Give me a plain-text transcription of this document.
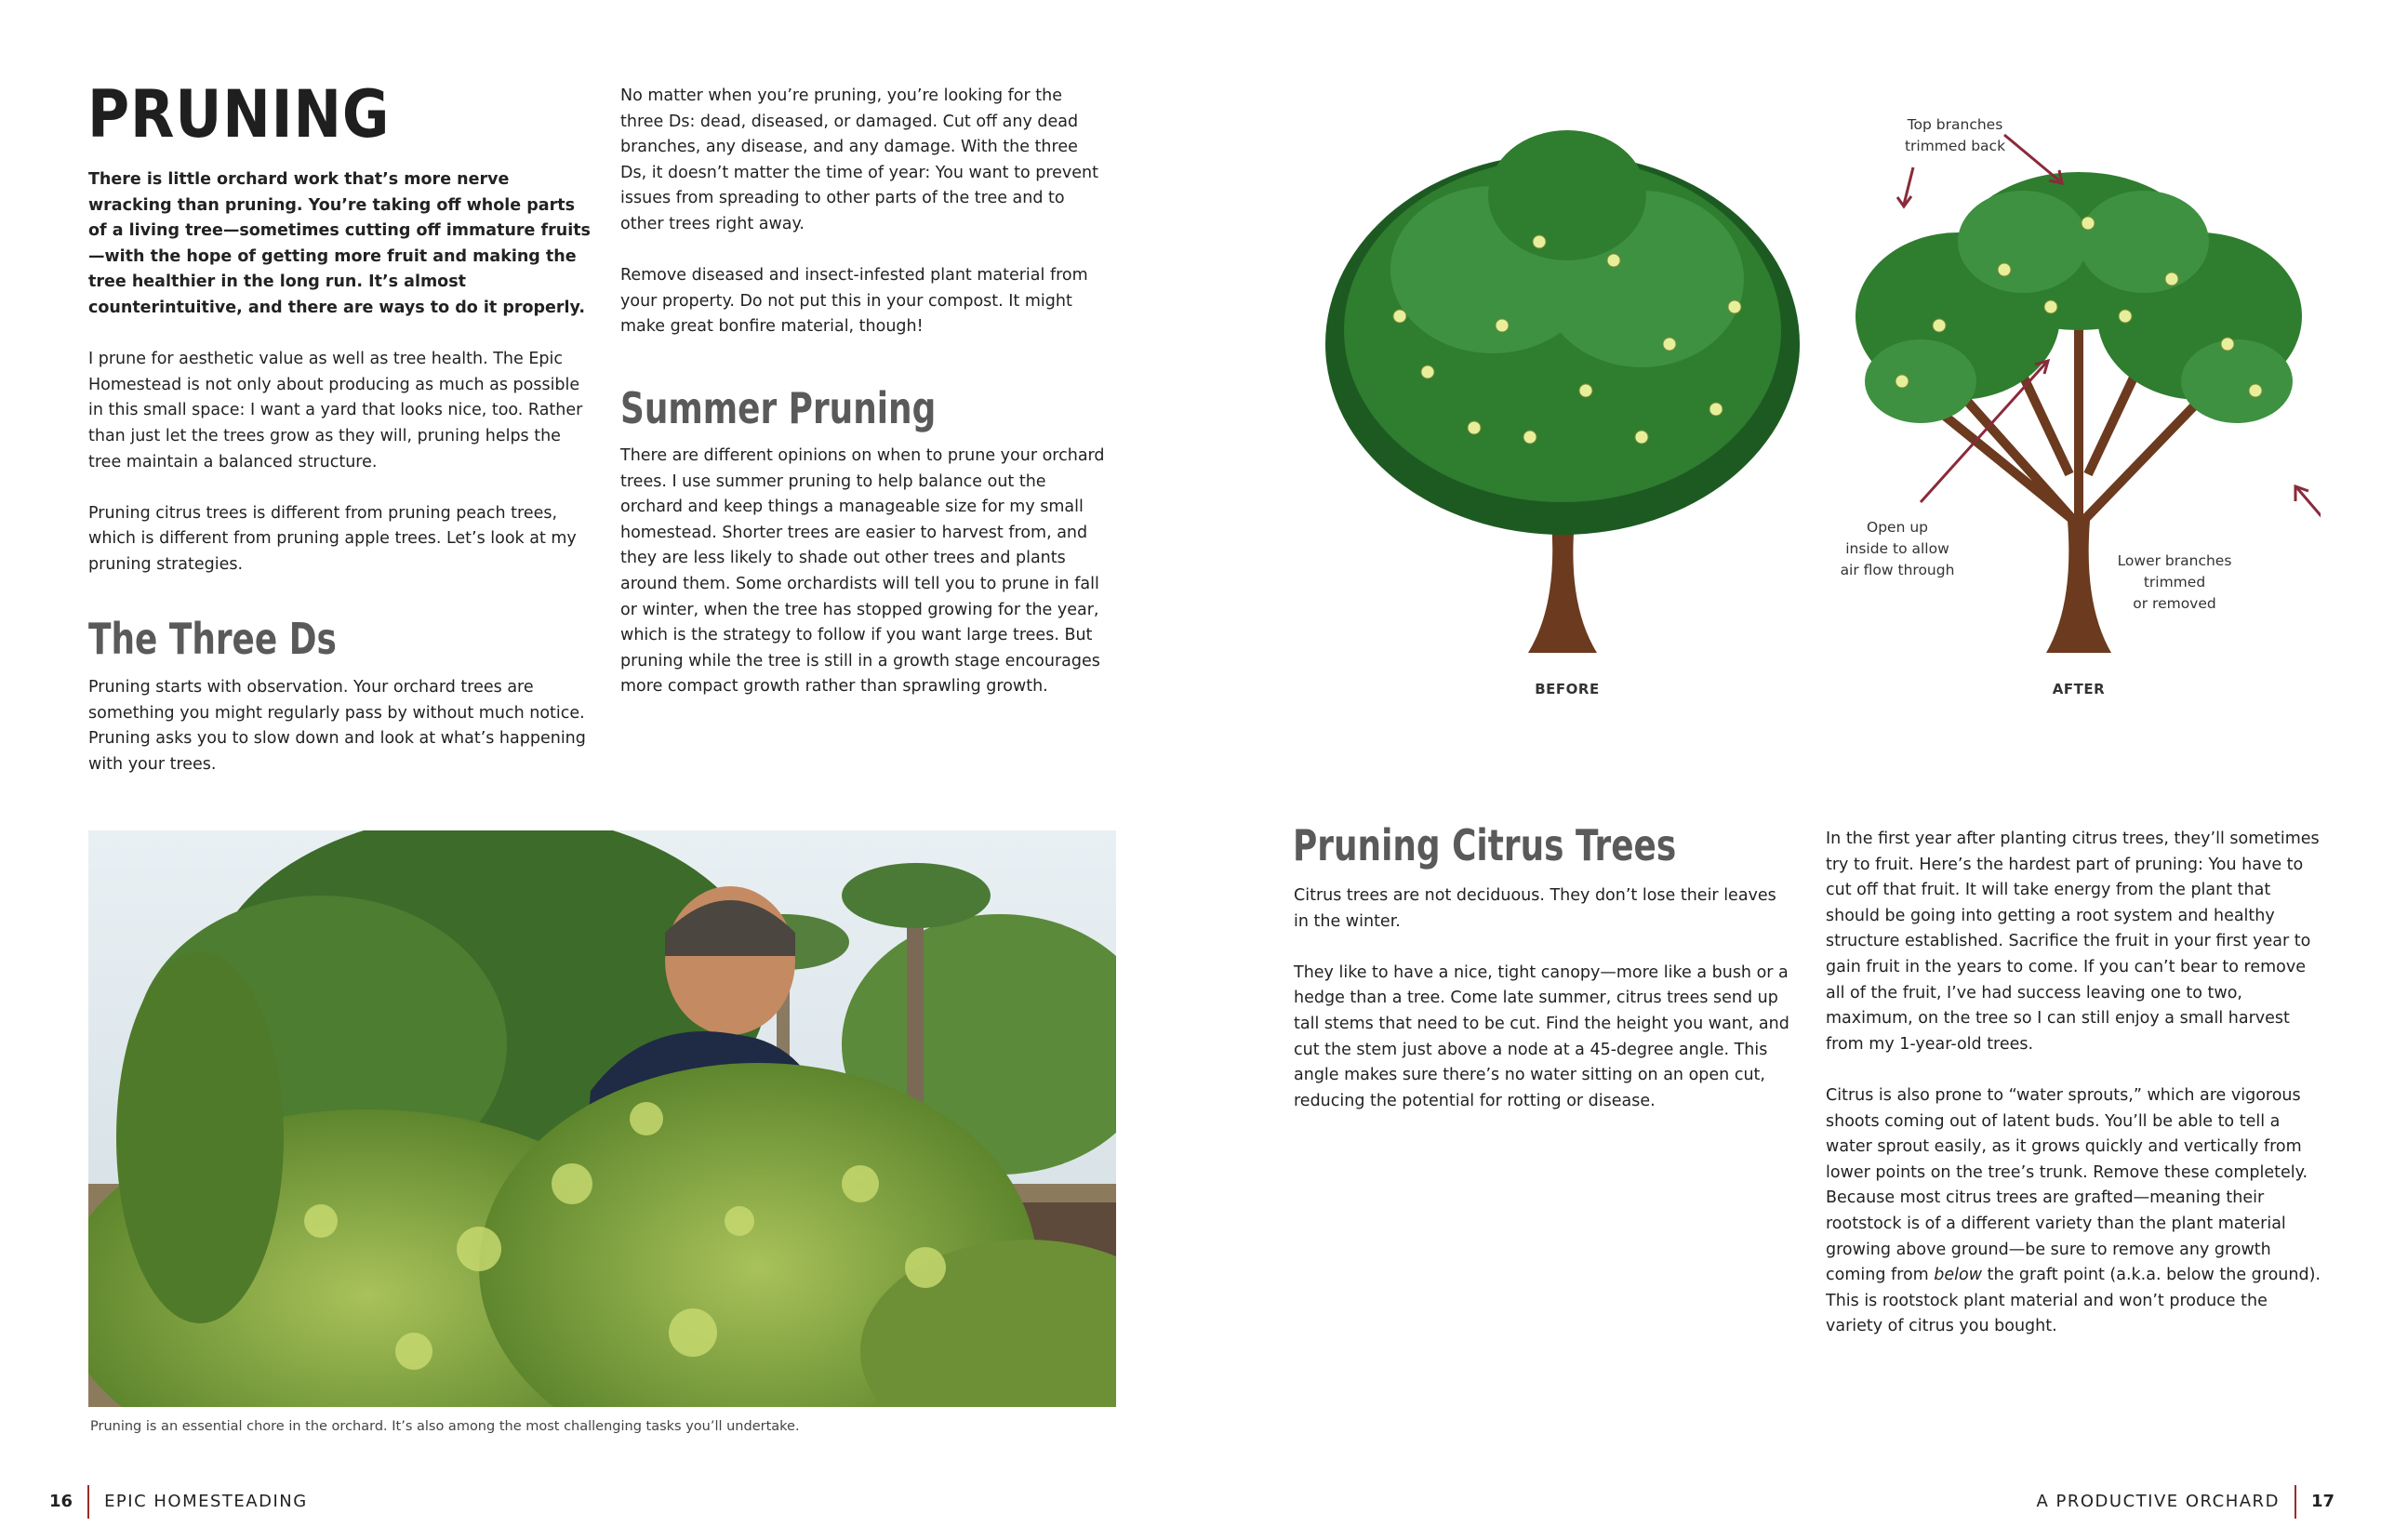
PRUNING

There is little orchard work that’s more nerve wracking than pruning. You’re taking off whole parts of a living tree—sometimes cutting off immature fruits—with the hope of getting more fruit and making the tree healthier in the long run. It’s almost counterintuitive, and there are ways to do it properly.

I prune for aesthetic value as well as tree health. The Epic Homestead is not only about producing as much as possible in this small space: I want a yard that looks nice, too. Rather than just let the trees grow as they will, pruning helps the tree maintain a balanced structure.

Pruning citrus trees is different from pruning peach trees, which is different from pruning apple trees. Let’s look at my pruning strategies.

The Three Ds
Pruning starts with observation. Your orchard trees are something you might regularly pass by without much notice. Pruning asks you to slow down and look at what’s happening with your trees.

No matter when you’re pruning, you’re looking for the three Ds: dead, diseased, or damaged. Cut off any dead branches, any disease, and any damage. With the three Ds, it doesn’t matter the time of year: You want to prevent issues from spreading to other parts of the tree and to other trees right away.

Remove diseased and insect-infested plant material from your property. Do not put this in your compost. It might make great bonfire material, though!

Summer Pruning
There are different opinions on when to prune your orchard trees. I use summer pruning to help balance out the orchard and keep things a manageable size for my small homestead. Shorter trees are easier to harvest from, and they are less likely to shade out other trees and plants around them. Some orchardists will tell you to prune in fall or winter, when the tree has stopped growing for the year, which is the strategy to follow if you want large trees. But pruning while the tree is still in a growth stage encourages more compact growth rather than sprawling growth.
Pruning is an essential chore in the orchard. It’s also among the most challenging tasks you’ll undertake.
16 EPIC HOMESTEADING
Top branches
trimmed back
Open up
inside to allow
air flow through
Lower branches
trimmed
or removed
BEFORE	AFTER
Pruning Citrus Trees

Citrus trees are not deciduous. They don’t lose their leaves in the winter.

They like to have a nice, tight canopy—more like a bush or a hedge than a tree. Come late summer, citrus trees send up tall stems that need to be cut. Find the height you want, and cut the stem just above a node at a 45-degree angle. This angle makes sure there’s no water sitting on an open cut, reducing the potential for rotting or disease.

In the first year after planting citrus trees, they’ll sometimes try to fruit. Here’s the hardest part of pruning: You have to cut off that fruit. It will take energy from the plant that should be going into getting a root system and healthy structure established. Sacrifice the fruit in your first year to gain fruit in the years to come. If you can’t bear to remove all of the fruit, I’ve had success leaving one to two, maximum, on the tree so I can still enjoy a small harvest from my 1-year-old trees.

Citrus is also prone to “water sprouts,” which are vigorous shoots coming out of latent buds. You’ll be able to tell a water sprout easily, as it grows quickly and vertically from lower points on the tree’s trunk. Remove these completely. Because most citrus trees are grafted—meaning their rootstock is of a different variety than the plant material growing above ground—be sure to remove any growth coming from below the graft point (a.k.a. below the ground). This is rootstock plant material and won’t produce the variety of citrus you bought.

A PRODUCTIVE ORCHARD 17
